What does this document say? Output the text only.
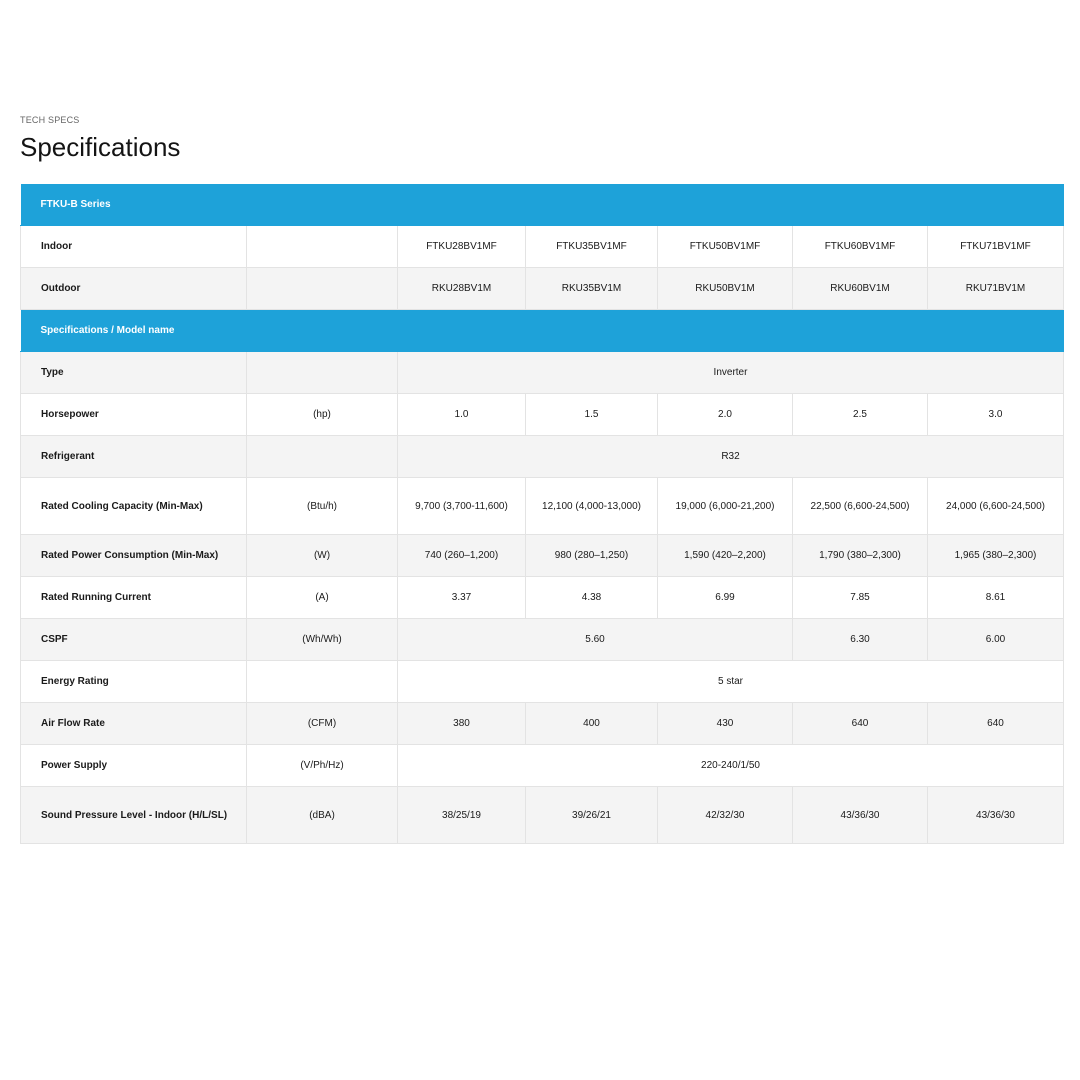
TECH SPECS
Specifications
FTKU-B Series						
Indoor		FTKU28BV1MF	FTKU35BV1MF	FTKU50BV1MF	FTKU60BV1MF	FTKU71BV1MF
Outdoor		RKU28BV1M	RKU35BV1M	RKU50BV1M	RKU60BV1M	RKU71BV1M
Specifications / Model name						
Type		Inverter				
Horsepower	(hp)	1.0	1.5	2.0	2.5	3.0
Refrigerant		R32				
Rated Cooling Capacity (Min-Max)	(Btu/h)	9,700 (3,700-11,600)	12,100 (4,000-13,000)	19,000 (6,000-21,200)	22,500 (6,600-24,500)	24,000 (6,600-24,500)
Rated Power Consumption (Min-Max)	(W)	740 (260–1,200)	980 (280–1,250)	1,590 (420–2,200)	1,790 (380–2,300)	1,965 (380–2,300)
Rated Running Current	(A)	3.37	4.38	6.99	7.85	8.61
CSPF	(Wh/Wh)	5.60			6.30	6.00
Energy Rating		5 star				
Air Flow Rate	(CFM)	380	400	430	640	640
Power Supply	(V/Ph/Hz)	220-240/1/50				
Sound Pressure Level - Indoor (H/L/SL)	(dBA)	38/25/19	39/26/21	42/32/30	43/36/30	43/36/30
